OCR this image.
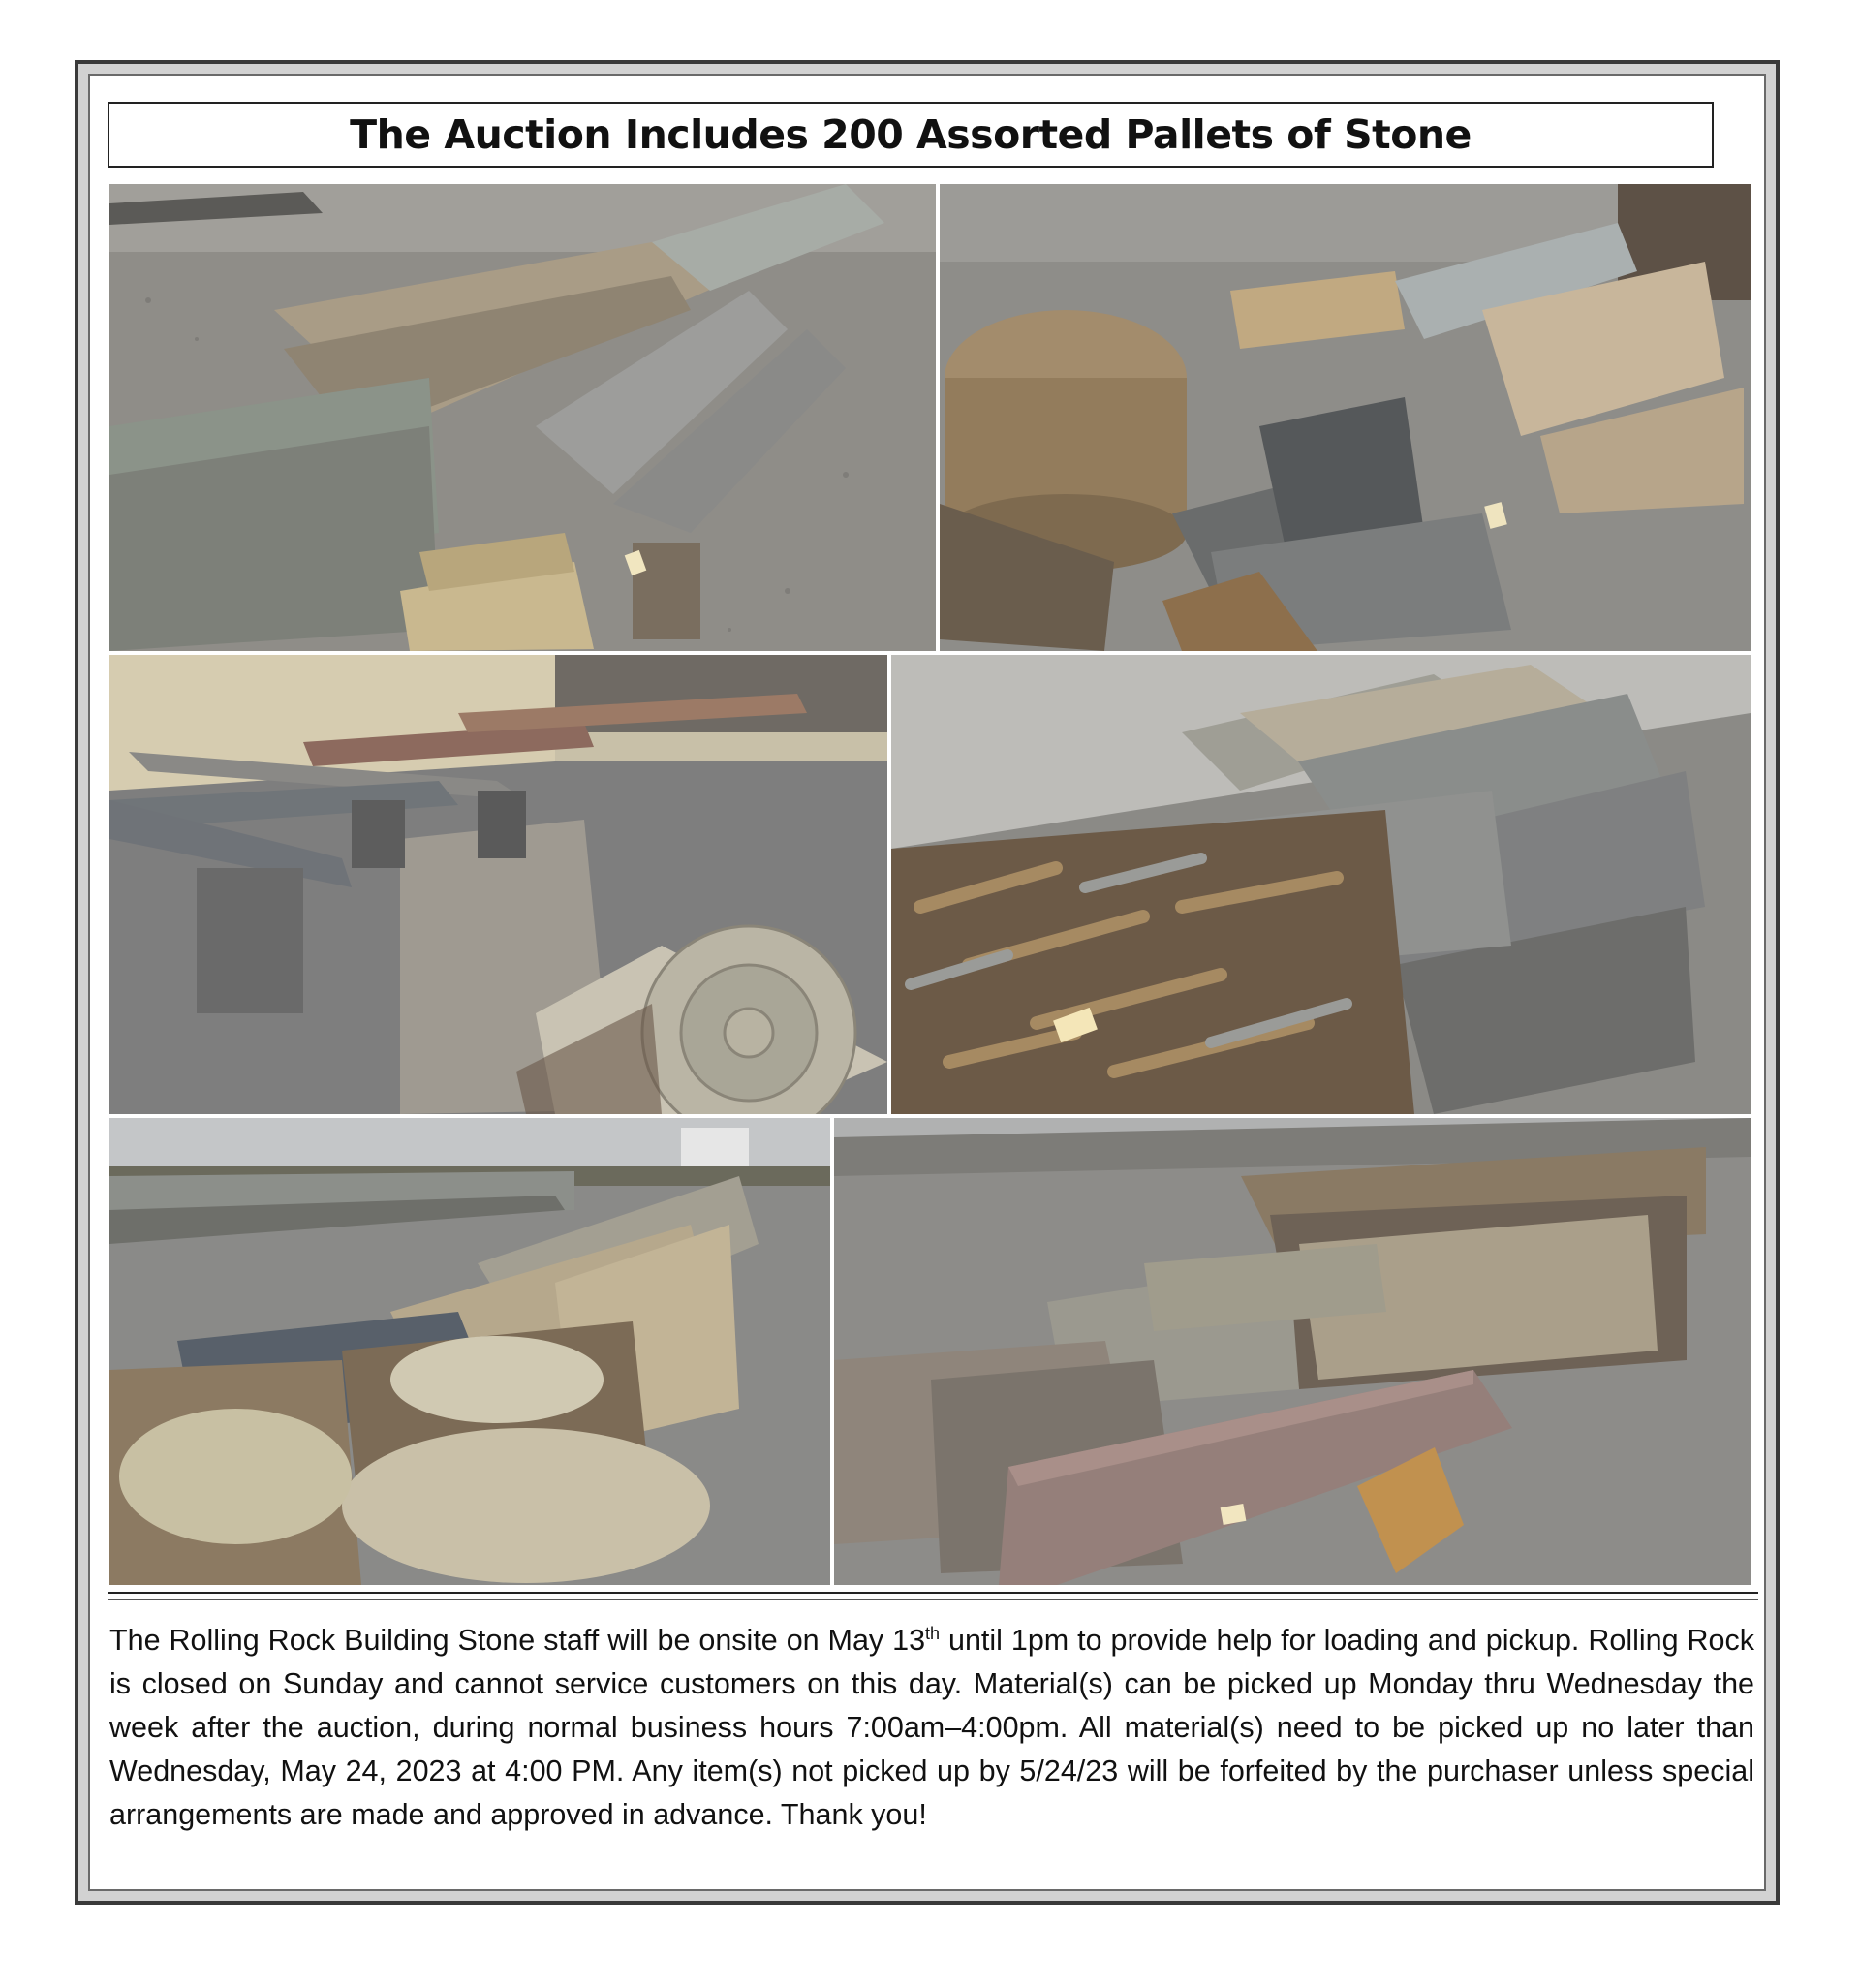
The Auction Includes 200 Assorted Pallets of Stone
The Rolling Rock Building Stone staff will be onsite on May 13th until 1pm to provide help for loading and pickup. Rolling Rock is closed on Sunday and cannot service customers on this day. Material(s) can be picked up Monday thru Wednesday the week after the auction, during normal business hours 7:00am–4:00pm. All material(s) need to be picked up no later than Wednesday, May 24, 2023 at 4:00 PM. Any item(s) not picked up by 5/24/23 will be forfeited by the purchaser unless special arrangements are made and approved in advance. Thank you!
